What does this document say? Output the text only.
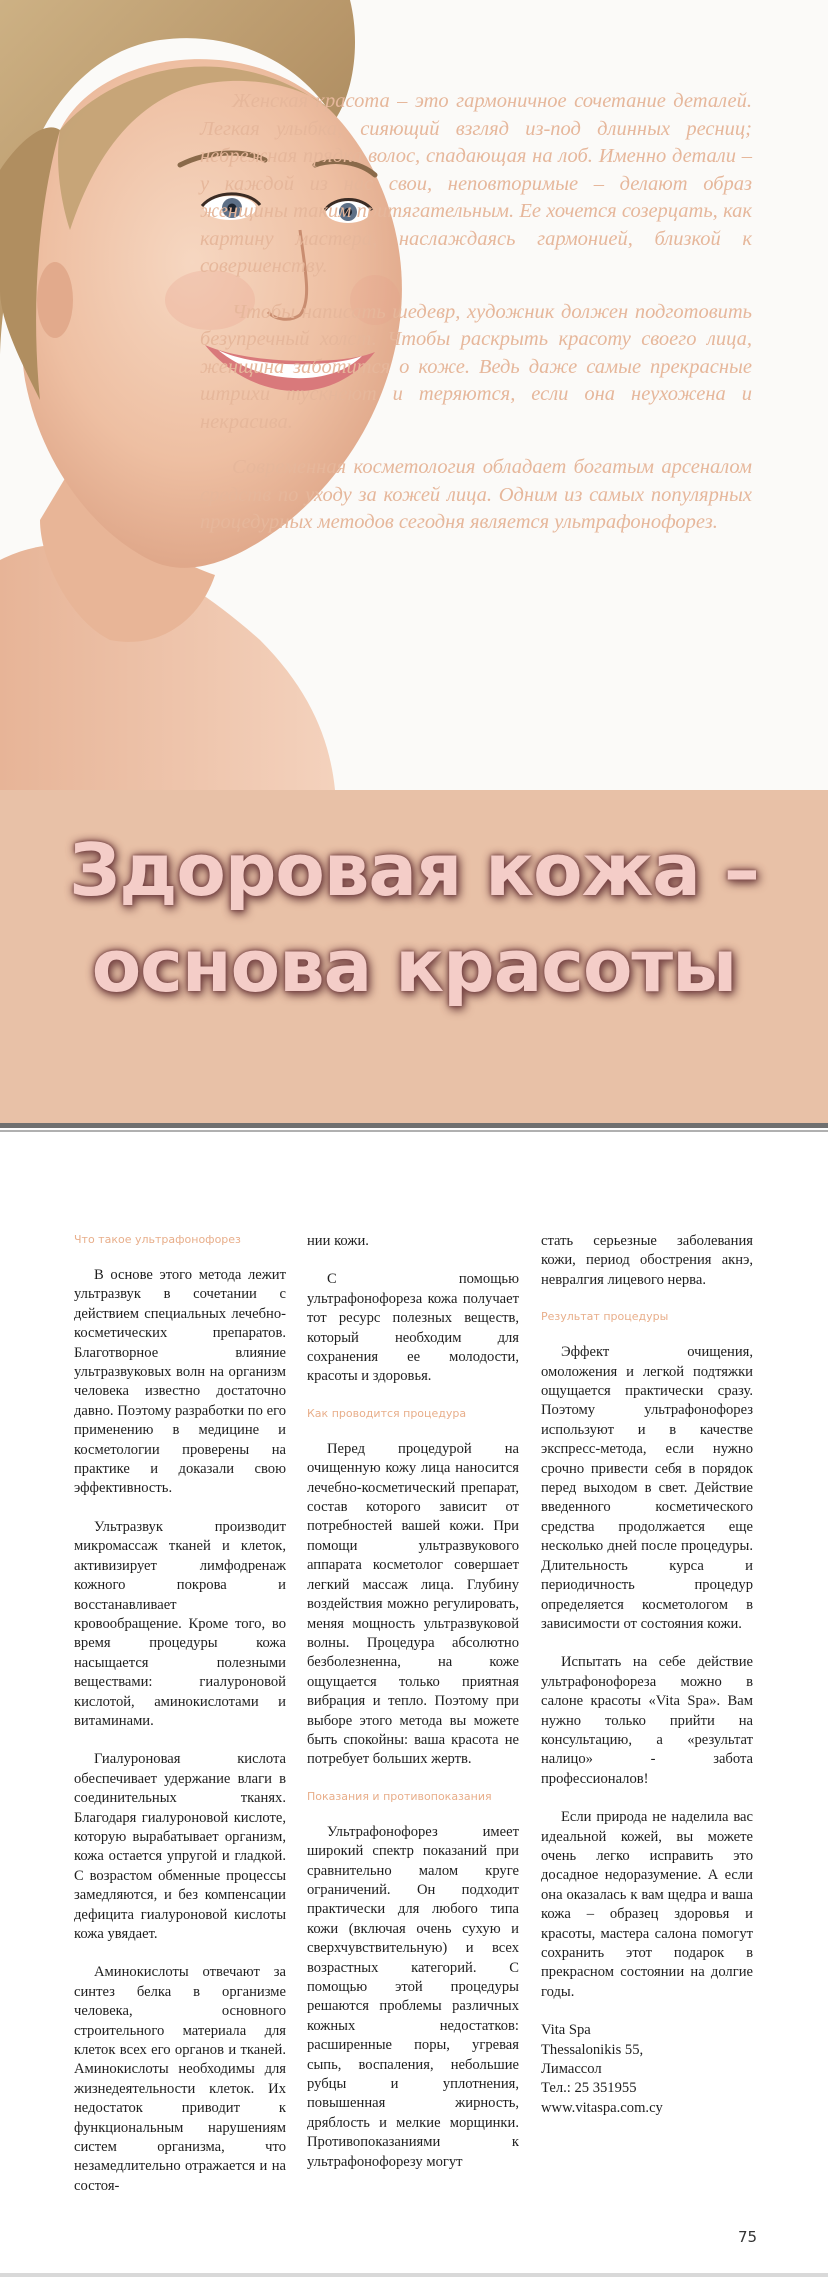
Женская красота – это гармоничное сочетание деталей. Легкая улыбка; сияющий взгляд из-под длинных ресниц; небрежная прядка волос, спадающая на лоб. Именно детали – у каждой из нас свои, неповторимые – делают образ женщины таким притягательным. Ее хочется созерцать, как картину мастера, наслаждаясь гармонией, близкой к совершенству.

Чтобы написать шедевр, художник должен подготовить безупречный холст. Чтобы раскрыть красоту своего лица, женщина заботится о коже. Ведь даже самые прекрасные штрихи тускнеют и теряются, если она неухожена и некрасива.

Современная косметология обладает богатым арсеналом средств по уходу за кожей лица. Одним из самых популярных процедурных методов сегодня является ультрафонофорез.

Здоровая кожа –
основа красоты
Что такое ультрафонофорез

В основе этого метода лежит ультразвук в сочетании с действием специальных лечебно-косметических препаратов. Благотворное влияние ультразвуковых волн на организм человека известно достаточно давно. Поэтому разработки по его применению в медицине и косметологии проверены на практике и доказали свою эффективность.

Ультразвук производит микромассаж тканей и клеток, активизирует лимфодренаж кожного покрова и восстанавливает кровообращение. Кроме того, во время процедуры кожа насыщается полезными веществами: гиалуроновой кислотой, аминокислотами и витаминами.

Гиалуроновая кислота обеспечивает удержание влаги в соединительных тканях. Благодаря гиалуроновой кислоте, которую вырабатывает организм, кожа остается упругой и гладкой. С возрастом обменные процессы замедляются, и без компенсации дефицита гиалуроновой кислоты кожа увядает.

Аминокислоты отвечают за синтез белка в организме человека, основного строительного материала для клеток всех его органов и тканей. Аминокислоты необходимы для жизнедеятельности клеток. Их недостаток приводит к функциональным нарушениям систем организма, что незамедлительно отражается и на состоя-

нии кожи.

С помощью ультрафонофореза кожа получает тот ресурс полезных веществ, который необходим для сохранения ее молодости, красоты и здоровья.

Как проводится процедура

Перед процедурой на очищенную кожу лица наносится лечебно-косметический препарат, состав которого зависит от потребностей вашей кожи. При помощи ультразвукового аппарата косметолог совершает легкий массаж лица. Глубину воздействия можно регулировать, меняя мощность ультразвуковой волны. Процедура абсолютно безболезненна, на коже ощущается только приятная вибрация и тепло. Поэтому при выборе этого метода вы можете быть спокойны: ваша красота не потребует больших жертв.

Показания и противопоказания

Ультрафонофорез имеет широкий спектр показаний при сравнительно малом круге ограничений. Он подходит практически для любого типа кожи (включая очень сухую и сверхчувствительную) и всех возрастных категорий. С помощью этой процедуры решаются проблемы различных кожных недостатков: расширенные поры, угревая сыпь, воспаления, небольшие рубцы и уплотнения, повышенная жирность, дряблость и мелкие морщинки. Противопоказаниями к ультрафонофорезу могут

стать серьезные заболевания кожи, период обострения акнэ, невралгия лицевого нерва.

Результат процедуры

Эффект очищения, омоложения и легкой подтяжки ощущается практически сразу. Поэтому ультрафонофорез используют и в качестве экспресс-метода, если нужно срочно привести себя в порядок перед выходом в свет. Действие введенного косметического средства продолжается еще несколько дней после процедуры. Длительность курса и периодичность процедур определяется косметологом в зависимости от состояния кожи.

Испытать на себе действие ультрафонофореза можно в салоне красоты «Vita Spa». Вам нужно только прийти на консультацию, а «результат налицо» - забота профессионалов!

Если природа не наделила вас идеальной кожей, вы можете очень легко исправить это досадное недоразумение. А если она оказалась к вам щедра и ваша кожа – образец здоровья и красоты, мастера салона помогут сохранить этот подарок в прекрасном состоянии на долгие годы.

Vita Spa

Thessalonikis 55,

Лимассол

Тел.: 25 351955

www.vitaspa.com.cy

75
